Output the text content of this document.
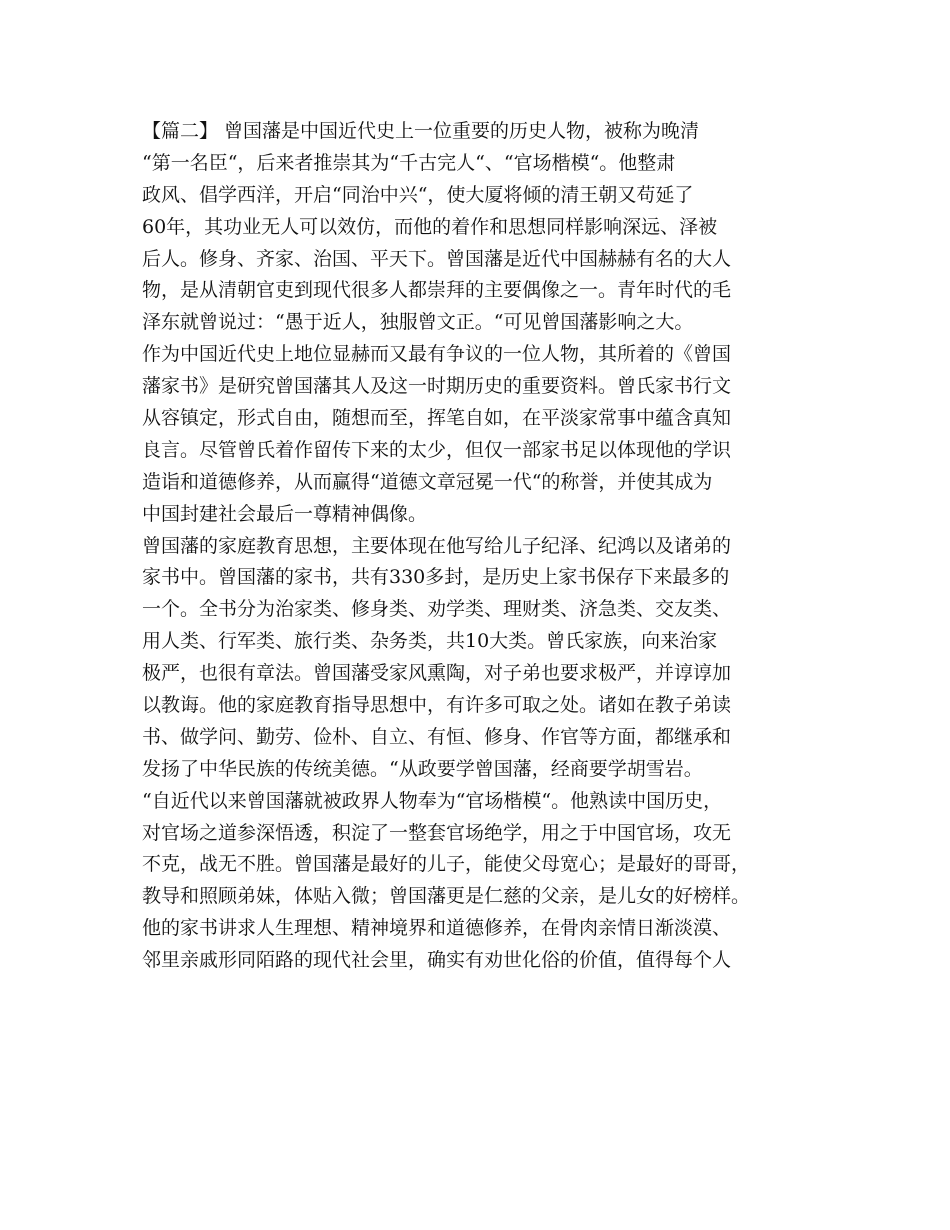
【篇二】 曾国藩是中国近代史上一位重要的历史人物，被称为晚清
“第一名臣“，后来者推崇其为“千古完人“、“官场楷模“。他整肃
政风、倡学西洋，开启“同治中兴“，使大厦将倾的清王朝又苟延了
60年，其功业无人可以效仿，而他的着作和思想同样影响深远、泽被
后人。修身、齐家、治国、平天下。曾国藩是近代中国赫赫有名的大人
物，是从清朝官吏到现代很多人都崇拜的主要偶像之一。青年时代的毛
泽东就曾说过：“愚于近人，独服曾文正。“可见曾国藩影响之大。
作为中国近代史上地位显赫而又最有争议的一位人物，其所着的《曾国
藩家书》是研究曾国藩其人及这一时期历史的重要资料。曾氏家书行文
从容镇定，形式自由，随想而至，挥笔自如，在平淡家常事中蕴含真知
良言。尽管曾氏着作留传下来的太少，但仅一部家书足以体现他的学识
造诣和道德修养，从而赢得“道德文章冠冕一代“的称誉，并使其成为
中国封建社会最后一尊精神偶像。
曾国藩的家庭教育思想，主要体现在他写给儿子纪泽、纪鸿以及诸弟的
家书中。曾国藩的家书，共有330多封，是历史上家书保存下来最多的
一个。全书分为治家类、修身类、劝学类、理财类、济急类、交友类、
用人类、行军类、旅行类、杂务类，共10大类。曾氏家族，向来治家
极严，也很有章法。曾国藩受家风熏陶，对子弟也要求极严，并谆谆加
以教诲。他的家庭教育指导思想中，有许多可取之处。诸如在教子弟读
书、做学问、勤劳、俭朴、自立、有恒、修身、作官等方面，都继承和
发扬了中华民族的传统美德。“从政要学曾国藩，经商要学胡雪岩。
“自近代以来曾国藩就被政界人物奉为“官场楷模“。他熟读中国历史，
对官场之道参深悟透，积淀了一整套官场绝学，用之于中国官场，攻无
不克，战无不胜。曾国藩是最好的儿子，能使父母宽心；是最好的哥哥，
教导和照顾弟妹，体贴入微；曾国藩更是仁慈的父亲，是儿女的好榜样。
他的家书讲求人生理想、精神境界和道德修养，在骨肉亲情日渐淡漠、
邻里亲戚形同陌路的现代社会里，确实有劝世化俗的价值，值得每个人
